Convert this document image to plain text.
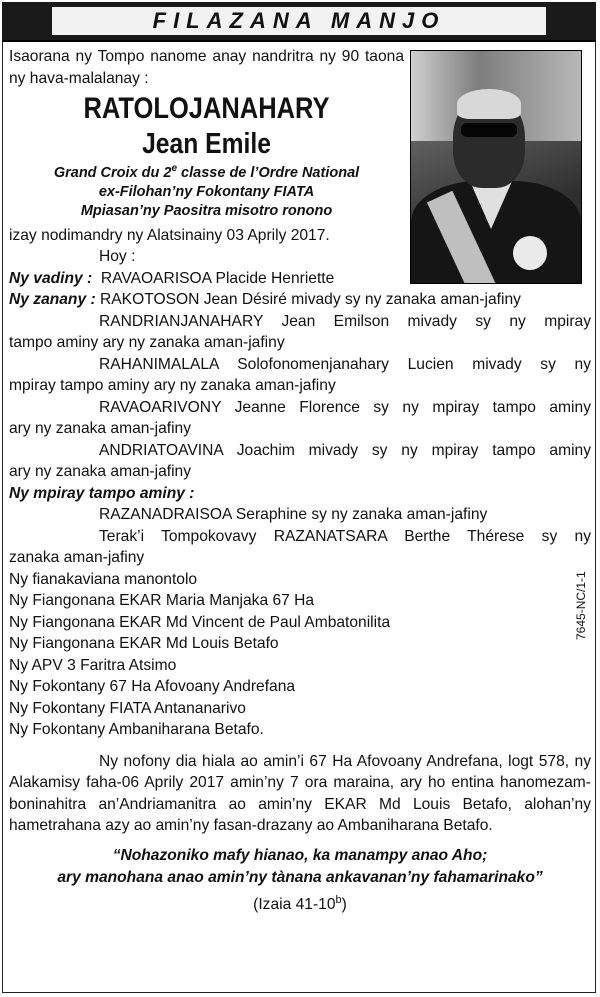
FILAZANA MANJO
Isaorana ny Tompo nanome anay nandritra ny 90 taona ny hava-malalanay :
RATOLOJANAHARY
Jean Emile
Grand Croix du 2e classe de l’Ordre National
ex-Filohan’ny Fokontany FIATA
Mpiasan’ny Paositra misotro ronono
izay nodimandry ny Alatsinainy 03 Aprily 2017.
Hoy :
Ny vadiny : RAVAOARISOA Placide Henriette
Ny zanany : RAKOTOSON Jean Désiré mivady sy ny zanaka aman-jafiny
RANDRIANJANAHARY Jean Emilson mivady sy ny mpiray
tampo aminy ary ny zanaka aman-jafiny
RAHANIMALALA Solofonomenjanahary Lucien mivady sy ny
mpiray tampo aminy ary ny zanaka aman-jafiny
RAVAOARIVONY Jeanne Florence sy ny mpiray tampo aminy
ary ny zanaka aman-jafiny
ANDRIATOAVINA Joachim mivady sy ny mpiray tampo aminy
ary ny zanaka aman-jafiny
Ny mpiray tampo aminy :
RAZANADRAISOA Seraphine sy ny zanaka aman-jafiny
Terak’i Tompokovavy RAZANATSARA Berthe Thérese sy ny
zanaka aman-jafiny
Ny fianakaviana manontolo
Ny Fiangonana EKAR Maria Manjaka 67 Ha
Ny Fiangonana EKAR Md Vincent de Paul Ambatonilita
Ny Fiangonana EKAR Md Louis Betafo
Ny APV 3 Faritra Atsimo
Ny Fokontany 67 Ha Afovoany Andrefana
Ny Fokontany FIATA Antananarivo
Ny Fokontany Ambaniharana Betafo.
Ny nofony dia hiala ao amin’i 67 Ha Afovoany Andrefana, logt 578, ny Alakamisy faha-06 Aprily 2017 amin’ny 7 ora maraina, ary ho entina hanomezam-boninahitra an’Andriamanitra ao amin’ny EKAR Md Louis Betafo, alohan’ny hametrahana azy ao amin’ny fasan-drazany ao Ambaniharana Betafo.
“Nohazoniko mafy hianao, ka manampy anao Aho;
ary manohana anao amin’ny tànana ankavanan’ny fahamarinako”
(Izaia 41-10$^b$)
7645-NC/1-1
